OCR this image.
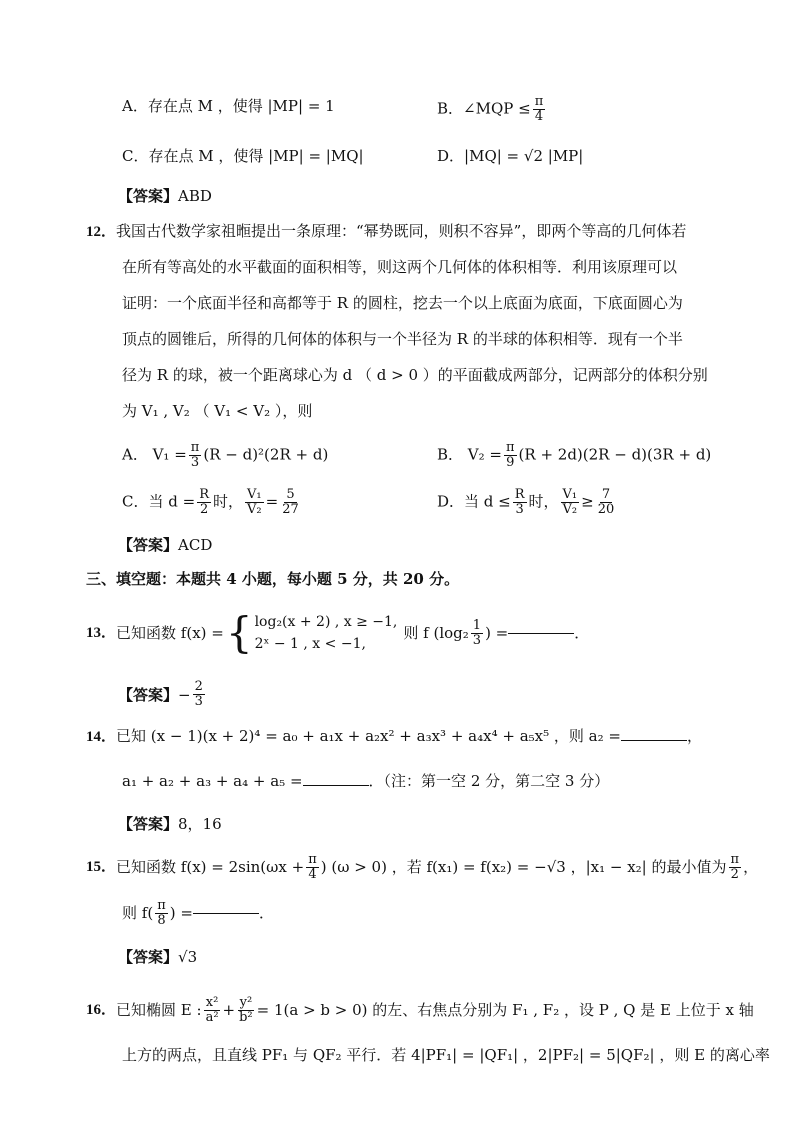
A．存在点 M ，使得 |MP| = 1	B．∠MQP ≤ $\frac{\pi}{4}$
C．存在点 M ，使得 |MP| = |MQ|	D．|MQ| = √2 |MP|
【答案】ABD
12．我国古代数学家祖暅提出一条原理：“幂势既同，则积不容异”，即两个等高的几何体若
在所有等高处的水平截面的面积相等，则这两个几何体的体积相等．利用该原理可以
证明：一个底面半径和高都等于 R 的圆柱，挖去一个以上底面为底面，下底面圆心为
顶点的圆锥后，所得的几何体的体积与一个半径为 R 的半球的体积相等．现有一个半
径为 R 的球，被一个距离球心为 d （ d > 0 ）的平面截成两部分，记两部分的体积分别
为 V₁ , V₂ （ V₁ < V₂ ），则
A． $V_1 = \frac{\pi}{3} (R - d)^2(2R + d)$	B． $V_2 = \frac{\pi}{9} (R + 2d)(2R - d)(3R + d)$
C．当 $d = \frac{R}{2}$ 时， $\frac{\text{V₁}}{\text{V₂}} = \frac{5}{27}$	D．当 $d \le \frac{R}{3}$ 时， $\frac{\text{V₁}}{\text{V₂}} \ge \frac{7}{20}$
【答案】ACD
三、填空题：本题共 4 小题，每小题 5 分，共 20 分。
13． 已知函数 f(x) = { log₂(x + 2) , x ≥ −1,
2ˣ − 1 , x < −1,
则 f ($\log_2 \frac{1}{3}$ ) =	．
【答案】 − $\frac{2}{3}$
14．已知 (x − 1)(x + 2)⁴ = a₀ + a₁x + a₂x² + a₃x³ + a₄x⁴ + a₅x⁵ ，则 a₂ =	，
a₁ + a₂ + a₃ + a₄ + a₅ =	．（注：第一空 2 分，第二空 3 分）
【答案】8，16
15． 已知函数 $f(x) = 2\sin(\omega x + \frac{\pi}{4}$ ) (ω > 0) ，若 f(x₁) = f(x₂) = −√3 ，|x₁ − x₂| 的最小值为 $\frac{\pi}{2}$ ，
则 $f( \frac{\pi}{8}$ ) =	．
【答案】√3
16． 已知椭圆 E : $\frac{\text{x²}}{\text{a²}} + \frac{\text{y²}}{\text{b²}} = 1(a > b > 0)$ 的左、右焦点分别为 F₁ , F₂ ，设 P , Q 是 E 上位于 x 轴
上方的两点，且直线 PF₁ 与 QF₂ 平行．若 4|PF₁| = |QF₁| ，2|PF₂| = 5|QF₂| ，则 E 的离心率
